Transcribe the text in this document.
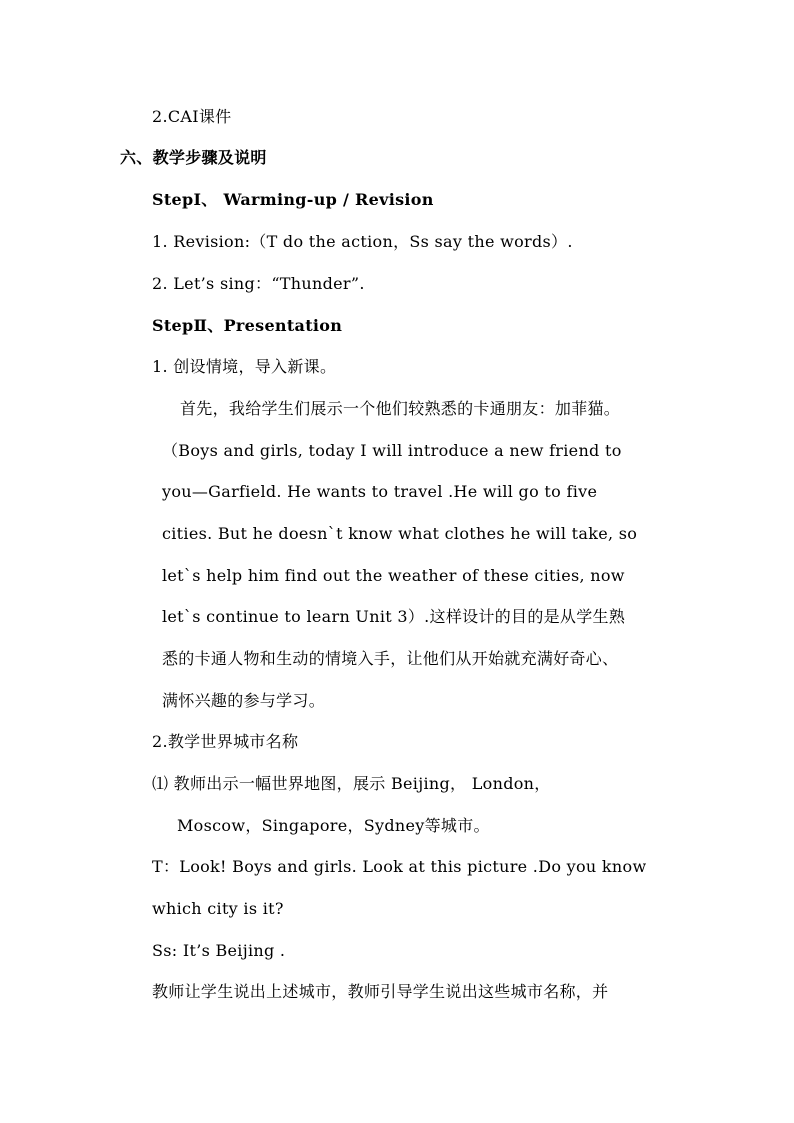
2.CAI课件
六、教学步骤及说明
StepⅠ、 Warming-up / Revision
1. Revision:（T do the action，Ss say the words）.
2. Let’s sing：“Thunder”.
StepⅡ、Presentation
1. 创设情境，导入新课。
首先，我给学生们展示一个他们较熟悉的卡通朋友：加菲猫。
（Boys and girls, today I will introduce a new friend to
you—Garfield. He wants to travel .He will go to five
cities. But he doesn`t know what clothes he will take, so
let`s help him find out the weather of these cities, now
let`s continue to learn Unit 3）.这样设计的目的是从学生熟
悉的卡通人物和生动的情境入手，让他们从开始就充满好奇心、
满怀兴趣的参与学习。
2.教学世界城市名称
⑴ 教师出示一幅世界地图，展示 Beijing， London，
Moscow，Singapore，Sydney等城市。
T：Look! Boys and girls. Look at this picture .Do you know
which city is it?
Ss: It’s Beijing .
教师让学生说出上述城市，教师引导学生说出这些城市名称，并
